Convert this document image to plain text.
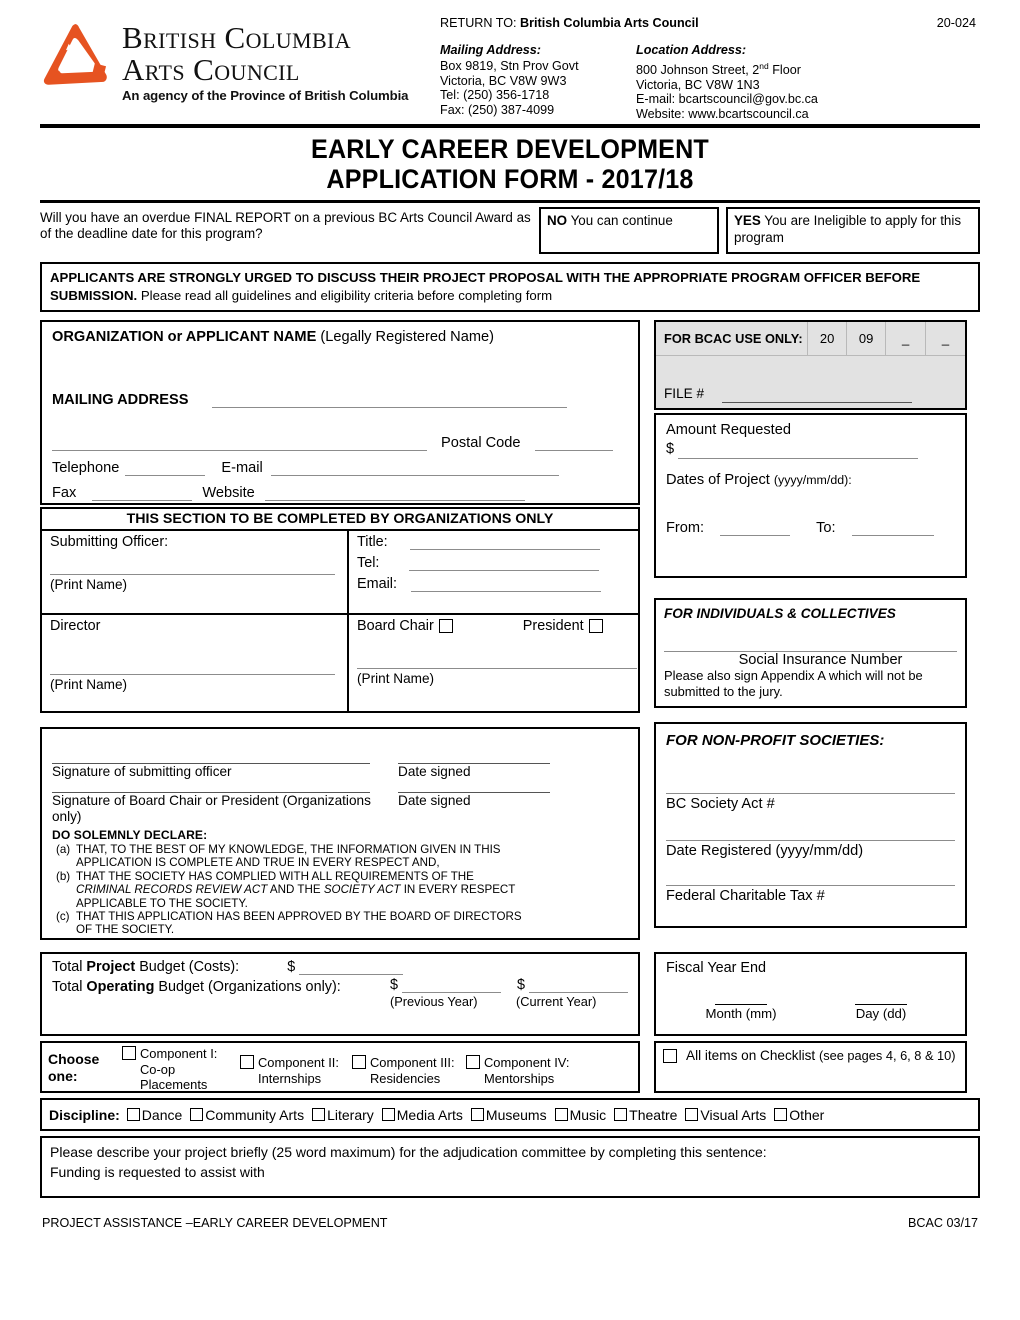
British Columbia
Arts Council
An agency of the Province of British Columbia
RETURN TO: British Columbia Arts Council	20-024
Mailing Address:	Location Address:
Box 9819, Stn Prov Govt
Victoria, BC V8W 9W3
Tel: (250) 356-1718
Fax: (250) 387-4099
800 Johnson Street, 2nd Floor
Victoria, BC V8W 1N3
E-mail: bcartscouncil@gov.bc.ca
Website: www.bcartscouncil.ca
EARLY CAREER DEVELOPMENT
APPLICATION FORM - 2017/18
Will you have an overdue FINAL REPORT on a previous BC Arts Council Award as of the deadline date for this program?
NO You can continue	YES You are Ineligible to apply for this program
APPLICANTS ARE STRONGLY URGED TO DISCUSS THEIR PROJECT PROPOSAL WITH THE APPROPRIATE PROGRAM OFFICER BEFORE SUBMISSION. Please read all guidelines and eligibility criteria before completing form
ORGANIZATION or APPLICANT NAME (Legally Registered Name)
MAILING ADDRESS
Postal Code
Telephone	E-mail
Fax	Website
THIS SECTION TO BE COMPLETED BY ORGANIZATIONS ONLY
Submitting Officer:
(Print Name)
Title:
Tel:
Email:
Director
(Print Name)
Board Chair	President
(Print Name)
Signature of submitting officer	Date signed
Signature of Board Chair or President (Organizations only)
Date signed
DO SOLEMNLY DECLARE:
(a) THAT, TO THE BEST OF MY KNOWLEDGE, THE INFORMATION GIVEN IN THIS
APPLICATION IS COMPLETE AND TRUE IN EVERY RESPECT AND,
(b) THAT THE SOCIETY HAS COMPLIED WITH ALL REQUIREMENTS OF THE
CRIMINAL RECORDS REVIEW ACT AND THE SOCIETY ACT IN EVERY RESPECT
APPLICABLE TO THE SOCIETY.
(c) THAT THIS APPLICATION HAS BEEN APPROVED BY THE BOARD OF DIRECTORS
OF THE SOCIETY.
FOR BCAC USE ONLY:	20	09	_	_
FILE #
Amount Requested
$
Dates of Project (yyyy/mm/dd):
From:	To:
FOR INDIVIDUALS & COLLECTIVES
Social Insurance Number
Please also sign Appendix A which will not be submitted to the jury.
FOR NON-PROFIT SOCIETIES:
BC Society Act #
Date Registered (yyyy/mm/dd)
Federal Charitable Tax #
Total Project Budget (Costs):	$
Total Operating Budget (Organizations only):	$	$
(Previous Year)	(Current Year)
Fiscal Year End
Month (mm)	Day (dd)
Choose one:
Component I: Co-op Placements
Component II: Internships
Component III: Residencies
Component IV: Mentorships
All items on Checklist (see pages 4, 6, 8 & 10)
Discipline: Dance Community Arts Literary Media Arts Museums Music Theatre Visual Arts Other
Please describe your project briefly (25 word maximum) for the adjudication committee by completing this sentence:
Funding is requested to assist with
PROJECT ASSISTANCE –EARLY CAREER DEVELOPMENT	BCAC 03/17
